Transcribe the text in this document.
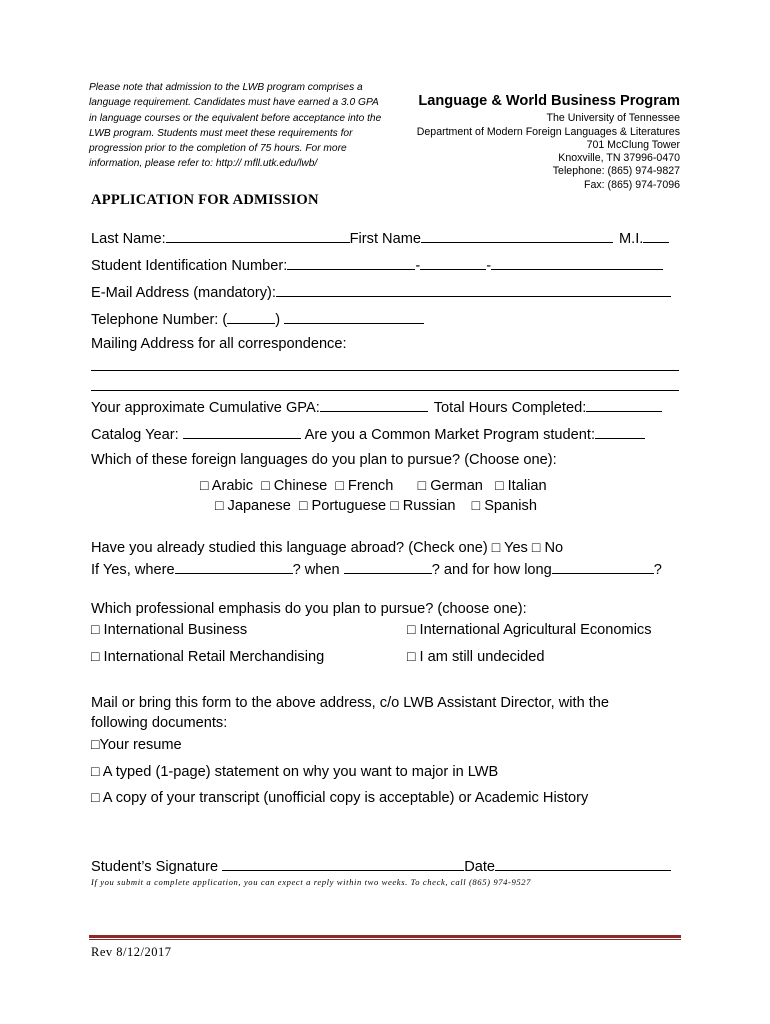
Please note that admission to the LWB program comprises a language requirement. Candidates must have earned a 3.0 GPA in language courses or the equivalent before acceptance into the LWB program. Students must meet these requirements for progression prior to the completion of 75 hours. For more information, please refer to: http:// mfll.utk.edu/lwb/
Language & World Business Program
The University of Tennessee
Department of Modern Foreign Languages & Literatures
701 McClung Tower
Knoxville, TN 37996-0470
Telephone: (865) 974-9827
Fax: (865) 974-7096
APPLICATION FOR ADMISSION
Last Name:	First Name	M.I.
Student Identification Number:	-	-
E-Mail Address (mandatory):
Telephone Number: (	)
Mailing Address for all correspondence:
Your approximate Cumulative GPA:	Total Hours Completed:
Catalog Year:	Are you a Common Market Program student:
Which of these foreign languages do you plan to pursue? (Choose one):
□ Arabic □ Chinese □ French □ German □ Italian
□ Japanese □ Portuguese □ Russian □ Spanish
Have you already studied this language abroad? (Check one) □ Yes □ No
If Yes, where	? when	? and for how long	?
Which professional emphasis do you plan to pursue? (choose one):
□ International Business	□ International Agricultural Economics
□ International Retail Merchandising	□ I am still undecided
Mail or bring this form to the above address, c/o LWB Assistant Director, with the
following documents:
□Your resume
□ A typed (1-page) statement on why you want to major in LWB
□ A copy of your transcript (unofficial copy is acceptable) or Academic History
Student’s Signature	Date
If you submit a complete application, you can expect a reply within two weeks. To check, call (865) 974-9527
Rev 8/12/2017
